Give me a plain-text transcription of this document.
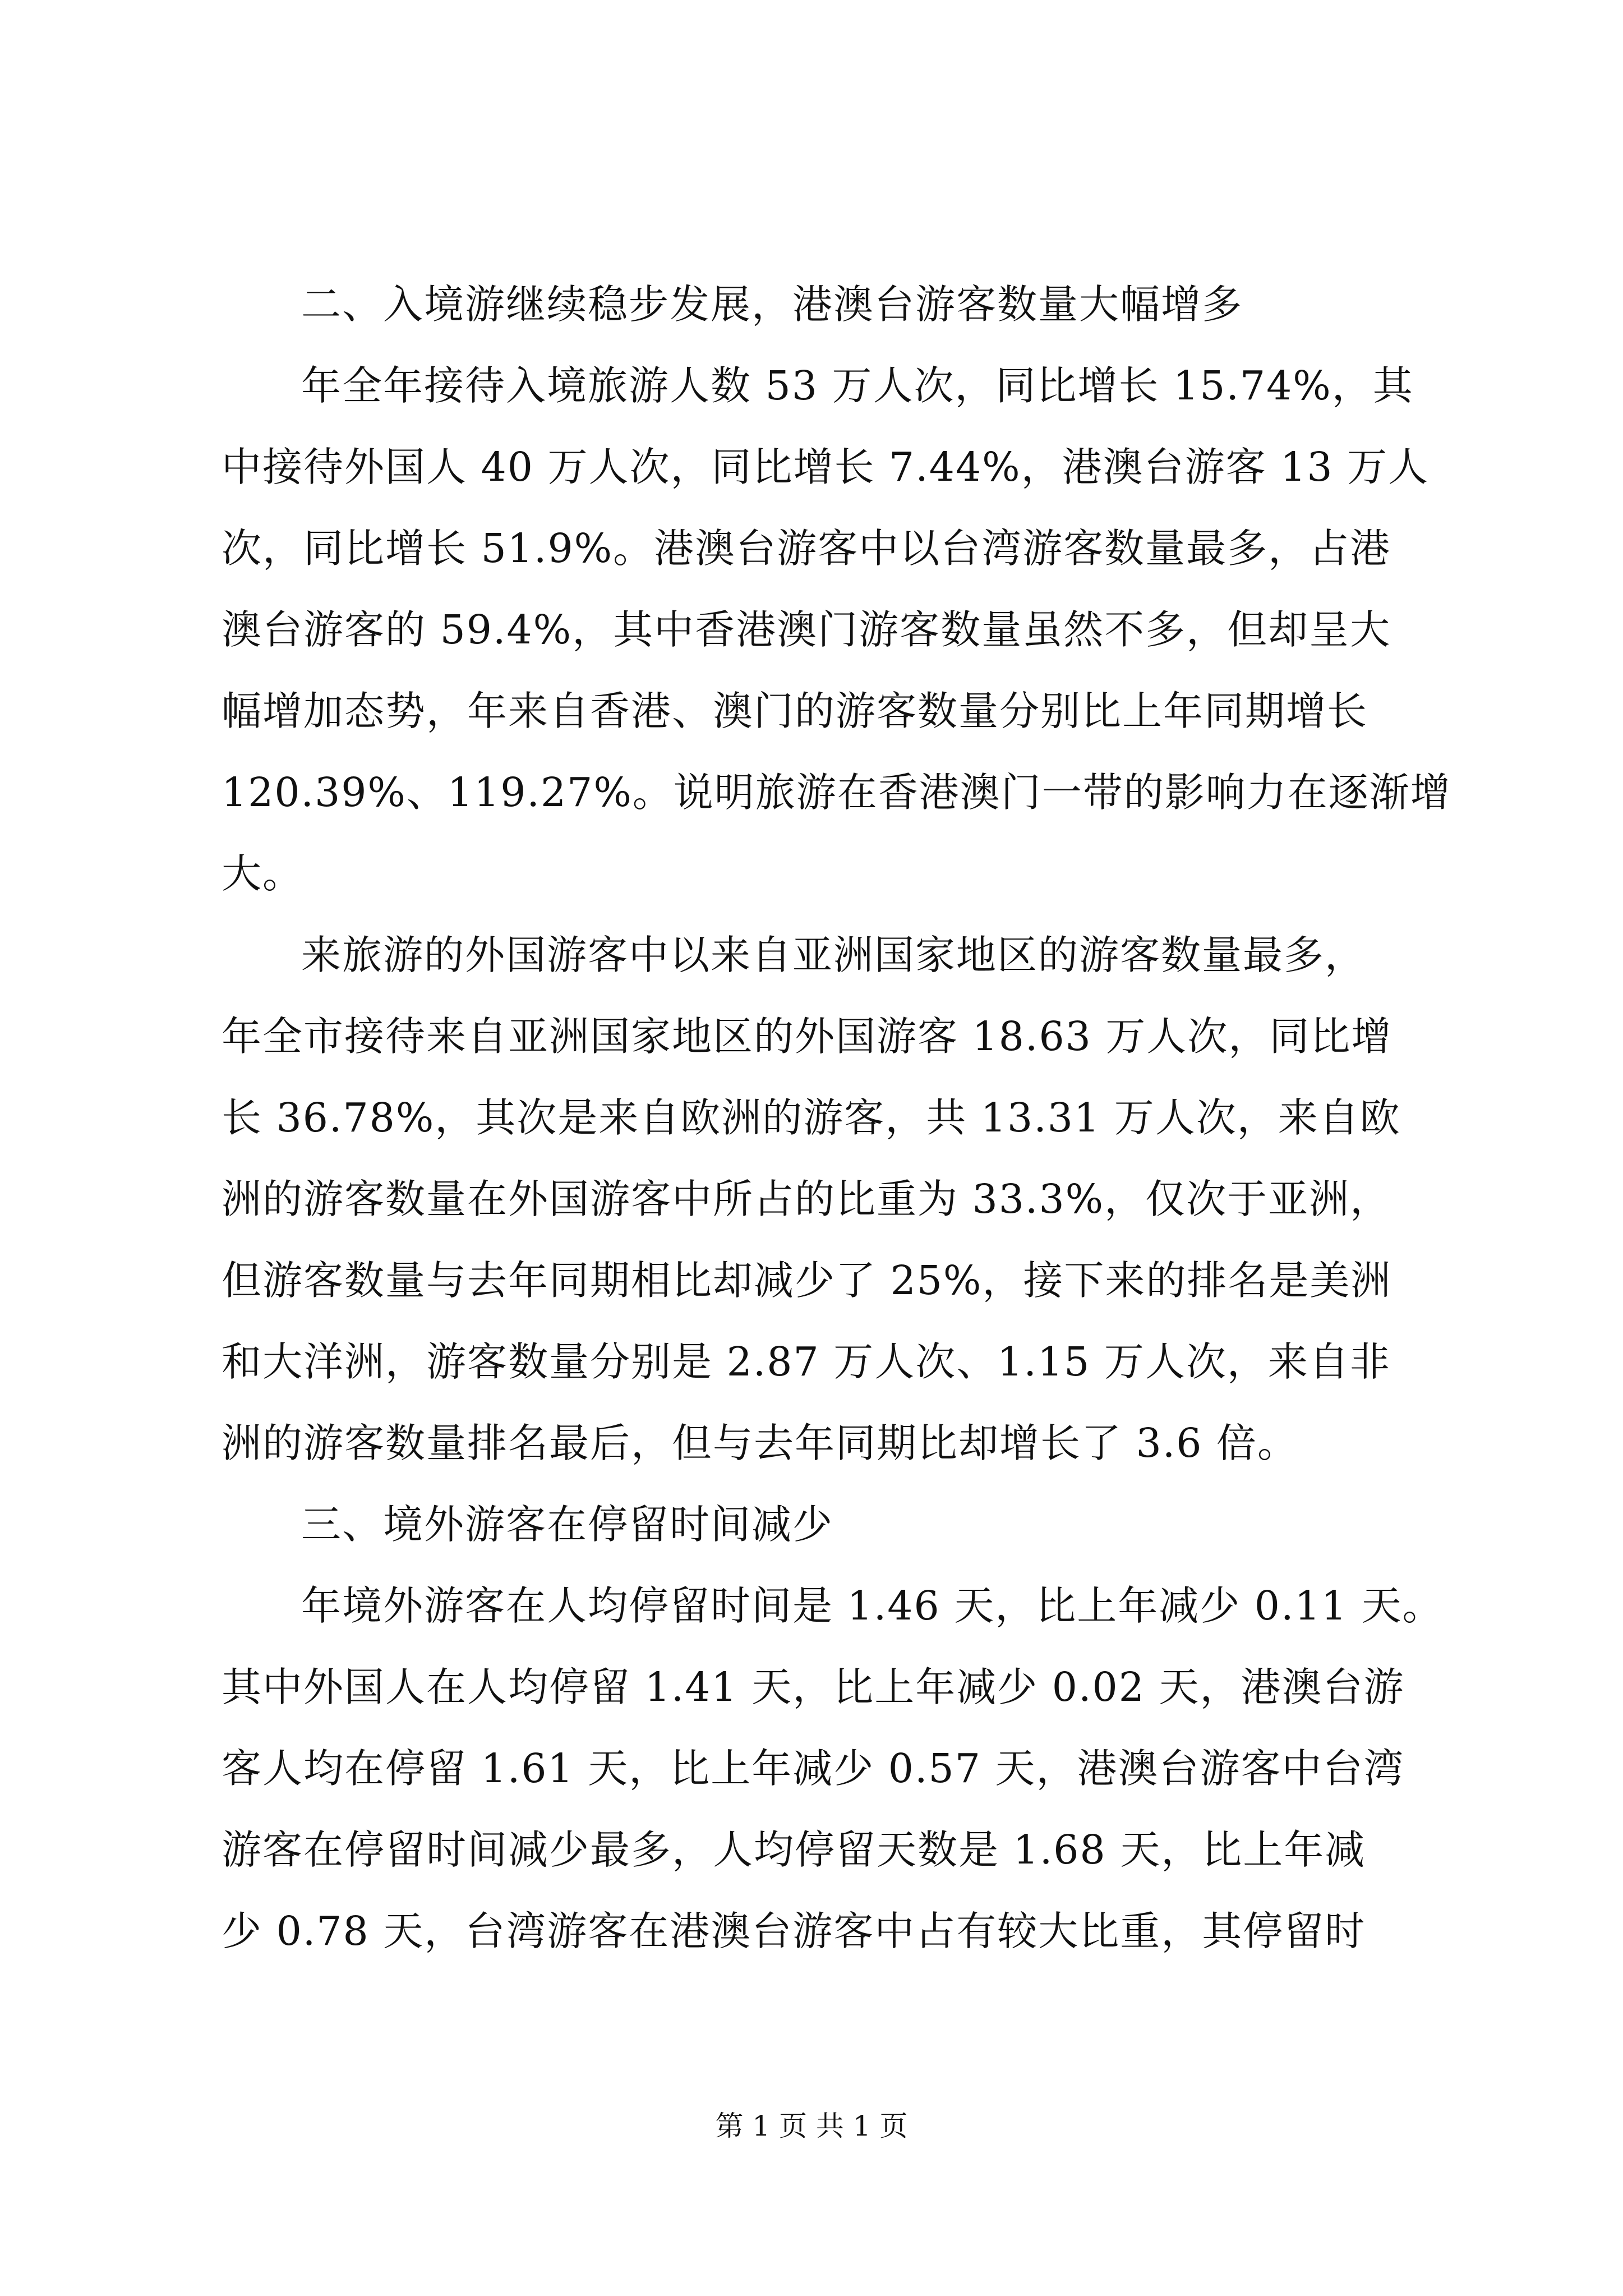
二、入境游继续稳步发展，港澳台游客数量大幅增多
年全年接待入境旅游人数 53 万人次，同比增长 15.74%，其
中接待外国人 40 万人次，同比增长 7.44%，港澳台游客 13 万人
次，同比增长 51.9%。港澳台游客中以台湾游客数量最多，占港
澳台游客的 59.4%，其中香港澳门游客数量虽然不多，但却呈大
幅增加态势，年来自香港、澳门的游客数量分别比上年同期增长
120.39%、119.27%。说明旅游在香港澳门一带的影响力在逐渐增
大。
来旅游的外国游客中以来自亚洲国家地区的游客数量最多，
年全市接待来自亚洲国家地区的外国游客 18.63 万人次，同比增
长 36.78%，其次是来自欧洲的游客，共 13.31 万人次，来自欧
洲的游客数量在外国游客中所占的比重为 33.3%，仅次于亚洲，
但游客数量与去年同期相比却减少了 25%，接下来的排名是美洲
和大洋洲，游客数量分别是 2.87 万人次、1.15 万人次，来自非
洲的游客数量排名最后，但与去年同期比却增长了 3.6 倍。
三、境外游客在停留时间减少
年境外游客在人均停留时间是 1.46 天，比上年减少 0.11 天。
其中外国人在人均停留 1.41 天，比上年减少 0.02 天，港澳台游
客人均在停留 1.61 天，比上年减少 0.57 天，港澳台游客中台湾
游客在停留时间减少最多，人均停留天数是 1.68 天，比上年减
少 0.78 天，台湾游客在港澳台游客中占有较大比重，其停留时
第 1 页 共 1 页
